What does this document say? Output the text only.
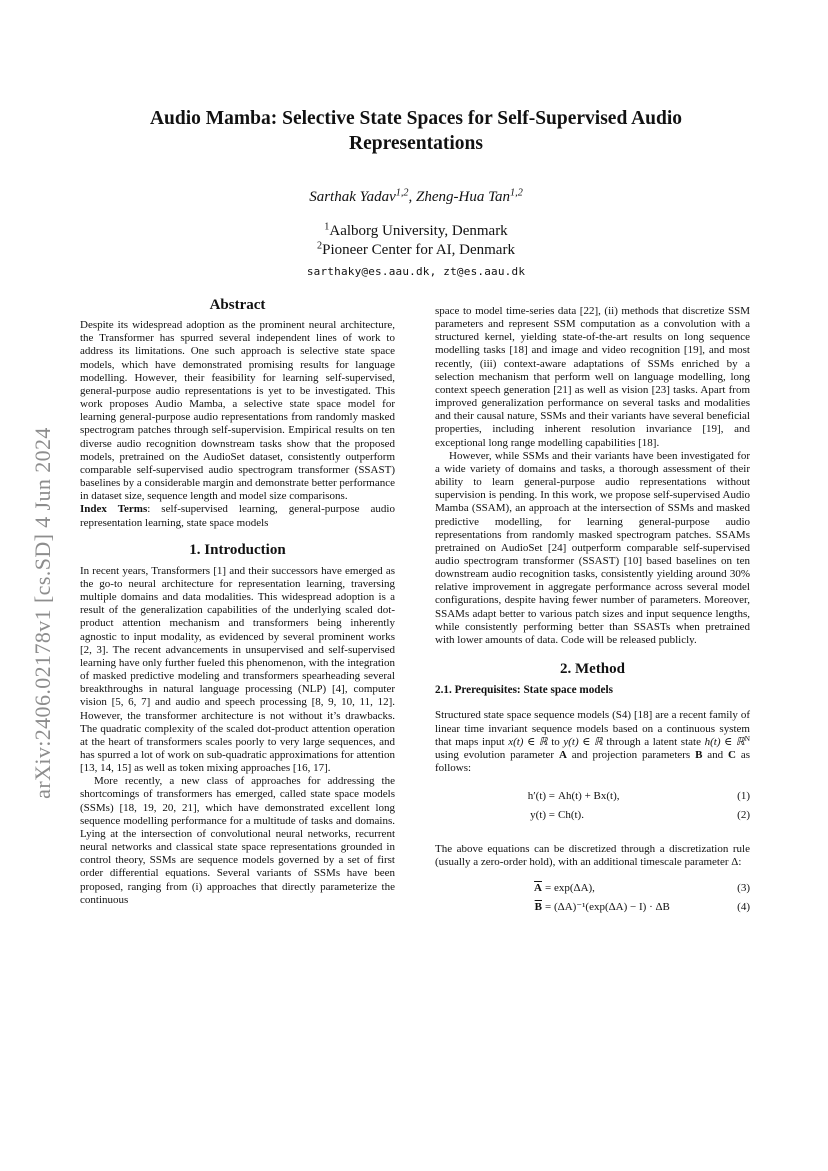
arXiv:2406.02178v1 [cs.SD] 4 Jun 2024
Audio Mamba: Selective State Spaces for Self-Supervised Audio
Representations
Sarthak Yadav$^{1,2}$, Zheng-Hua Tan$^{1,2}$
$^1$Aalborg University, Denmark
$^2$Pioneer Center for AI, Denmark
sarthaky@es.aau.dk, zt@es.aau.dk
Abstract

Despite its widespread adoption as the prominent neural architecture, the Transformer has spurred several independent lines of work to address its limitations. One such approach is selective state space models, which have demonstrated promising results for language modelling. However, their feasibility for learning self-supervised, general-purpose audio representations is yet to be investigated. This work proposes Audio Mamba, a selective state space model for learning general-purpose audio representations from randomly masked spectrogram patches through self-supervision. Empirical results on ten diverse audio recognition downstream tasks show that the proposed models, pretrained on the AudioSet dataset, consistently outperform comparable self-supervised audio spectrogram transformer (SSAST) baselines by a considerable margin and demonstrate better performance in dataset size, sequence length and model size comparisons.

Index Terms: self-supervised learning, general-purpose audio representation learning, state space models

1. Introduction

In recent years, Transformers [1] and their successors have emerged as the go-to neural architecture for representation learning, traversing multiple domains and data modalities. This widespread adoption is a result of the generalization capabilities of the underlying scaled dot-product attention mechanism and transformers being inherently agnostic to input modality, as evidenced by several prominent works [2, 3]. The recent advancements in unsupervised and self-supervised learning have only further fueled this phenomenon, with the integration of masked predictive modeling and transformers spearheading several breakthroughs in natural language processing (NLP) [4], computer vision [5, 6, 7] and audio and speech processing [8, 9, 10, 11, 12]. However, the transformer architecture is not without it’s drawbacks. The quadratic complexity of the scaled dot-product attention operation at the heart of transformers scales poorly to very large sequences, and has spurred a lot of work on sub-quadratic approximations for attention [13, 14, 15] as well as token mixing approaches [16, 17].

More recently, a new class of approaches for addressing the shortcomings of transformers has emerged, called state space models (SSMs) [18, 19, 20, 21], which have demonstrated excellent long sequence modelling performance for a multitude of tasks and domains. Lying at the intersection of convolutional neural networks, recurrent neural networks and classical state space representations grounded in control theory, SSMs are sequence models governed by a set of first order differential equations. Several variants of SSMs have been proposed, ranging from (i) approaches that directly parameterize the continuous

space to model time-series data [22], (ii) methods that discretize SSM parameters and represent SSM computation as a convolution with a structured kernel, yielding state-of-the-art results on long sequence modelling tasks [18] and image and video recognition [19], and most recently, (iii) context-aware adaptations of SSMs enriched by a selection mechanism that perform well on language modelling, long context speech generation [21] as well as vision [23] tasks. Apart from improved generalization performance on several tasks and modalities and their causal nature, SSMs and their variants have several beneficial properties, including inherent resolution invariance [19], and exceptional long range modelling capabilities [18].

However, while SSMs and their variants have been investigated for a wide variety of domains and tasks, a thorough assessment of their ability to learn general-purpose audio representations without supervision is pending. In this work, we propose self-supervised Audio Mamba (SSAM), an approach at the intersection of SSMs and masked predictive modelling, for learning general-purpose audio representations from randomly masked spectrogram patches. SSAMs pretrained on AudioSet [24] outperform comparable self-supervised audio spectrogram transformer (SSAST) [10] based baselines on ten downstream audio recognition tasks, consistently yielding around 30% relative improvement in aggregate performance across several model configurations, despite having fewer number of parameters. Moreover, SSAMs adapt better to various patch sizes and input sequence lengths, while consistently performing better than SSASTs when pretrained with lower amounts of data. Code will be released publicly.

2. Method
2.1. Prerequisites: State space models

Structured state space sequence models (S4) [18] are a recent family of linear time invariant sequence models based on a continuous system that maps input x(t) ∈ ℝ to y(t) ∈ ℝ through a latent state h(t) ∈ ℝ$^N$ using evolution parameter A and projection parameters B and C as follows:

h′(t) = Ah(t) + Bx(t),	(1)
y(t) = Ch(t).	(2)

The above equations can be discretized through a discretization rule (usually a zero-order hold), with an additional timescale parameter Δ:

$\overline{A} = \exp(\Delta A)$,	(3)
$\overline{B} = (\Delta A)^{-1}(\exp(\Delta A) - I) \cdot \Delta B$	(4)
